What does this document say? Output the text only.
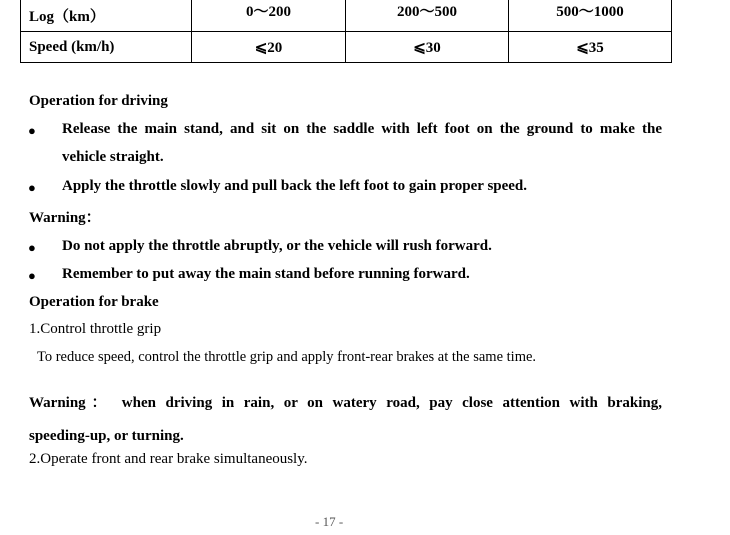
Log（km）	0～200	200～500	500～1000
Speed (km/h)	⩽20	⩽30	⩽35
Operation for driving
● Release the main stand, and sit on the saddle with left foot on the ground to make the
vehicle straight.
● Apply the throttle slowly and pull back the left foot to gain proper speed.
Warning：
● Do not apply the throttle abruptly, or the vehicle will rush forward.
● Remember to put away the main stand before running forward.
Operation for brake
1.Control throttle grip
To reduce speed, control the throttle grip and apply front-rear brakes at the same time.
Warning： when driving in rain, or on watery road, pay close attention with braking,
speeding-up, or turning.
2.Operate front and rear brake simultaneously.
- 17 -
